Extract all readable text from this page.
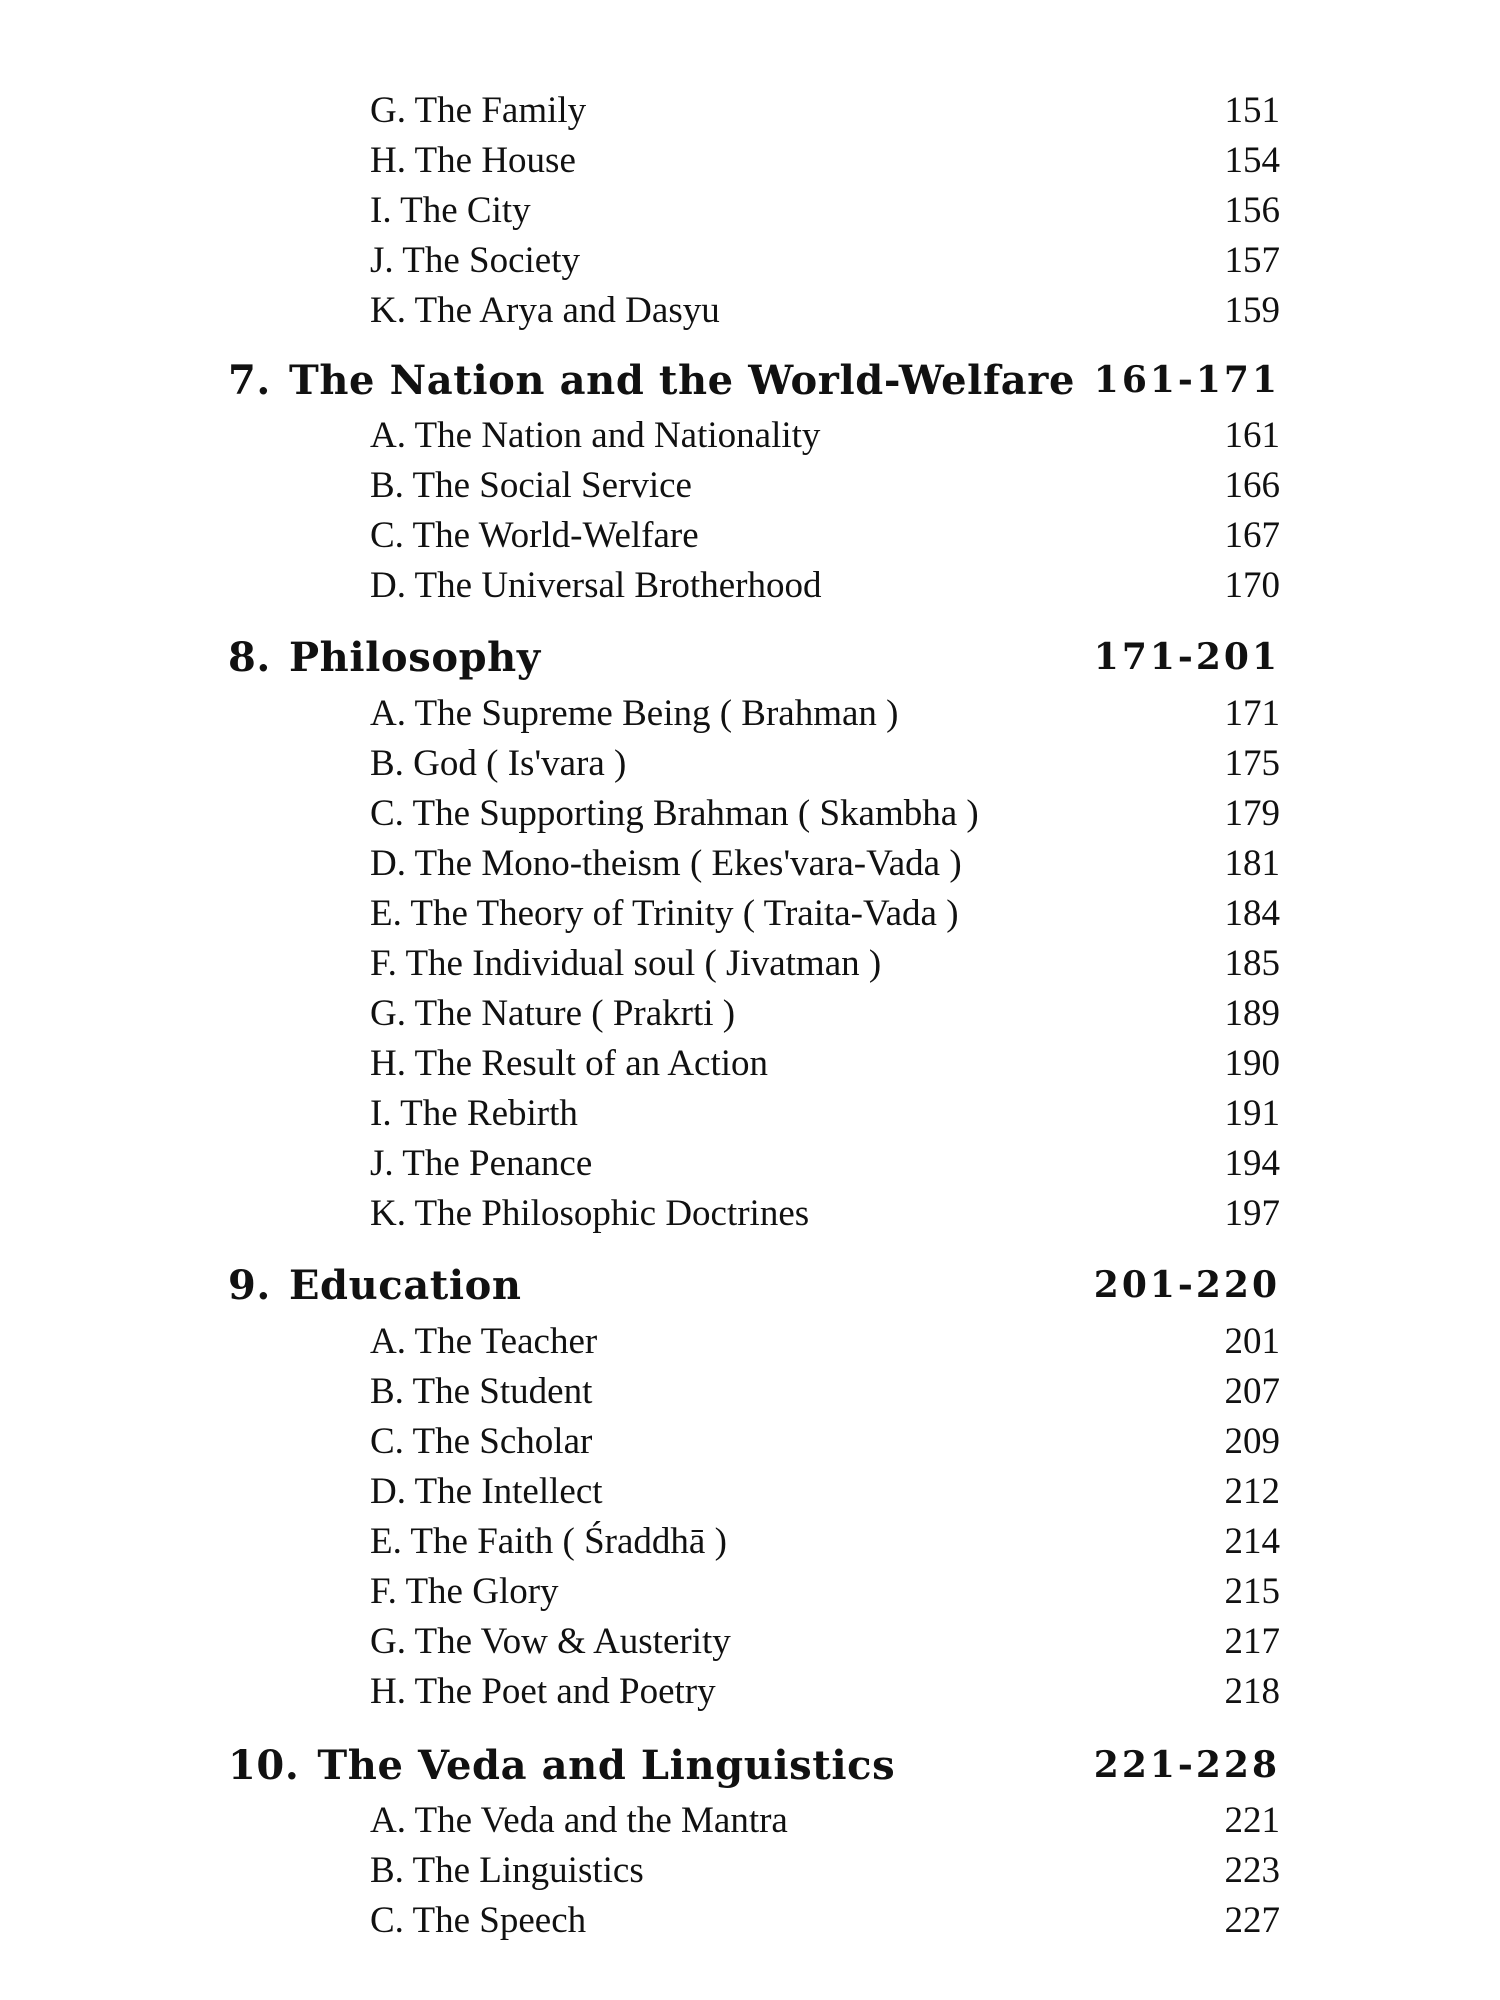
G. The Family	151
H. The House	154
I. The City	156
J. The Society	157
K. The Arya and Dasyu	159
7. The Nation and the World-Welfare 161-171
A. The Nation and Nationality	161
B. The Social Service	166
C. The World-Welfare	167
D. The Universal Brotherhood	170
8. Philosophy	171-201
A. The Supreme Being ( Brahman )	171
B. God ( Is'vara )	175
C. The Supporting Brahman ( Skambha )	179
D. The Mono-theism ( Ekes'vara-Vada )	181
E. The Theory of Trinity ( Traita-Vada )	184
F. The Individual soul ( Jivatman )	185
G. The Nature ( Prakrti )	189
H. The Result of an Action	190
I. The Rebirth	191
J. The Penance	194
K. The Philosophic Doctrines	197
9. Education	201-220
A. The Teacher	201
B. The Student	207
C. The Scholar	209
D. The Intellect	212
E. The Faith ( Śraddhā )	214
F. The Glory	215
G. The Vow & Austerity	217
H. The Poet and Poetry	218
10. The Veda and Linguistics	221-228
A. The Veda and the Mantra	221
B. The Linguistics	223
C. The Speech	227
